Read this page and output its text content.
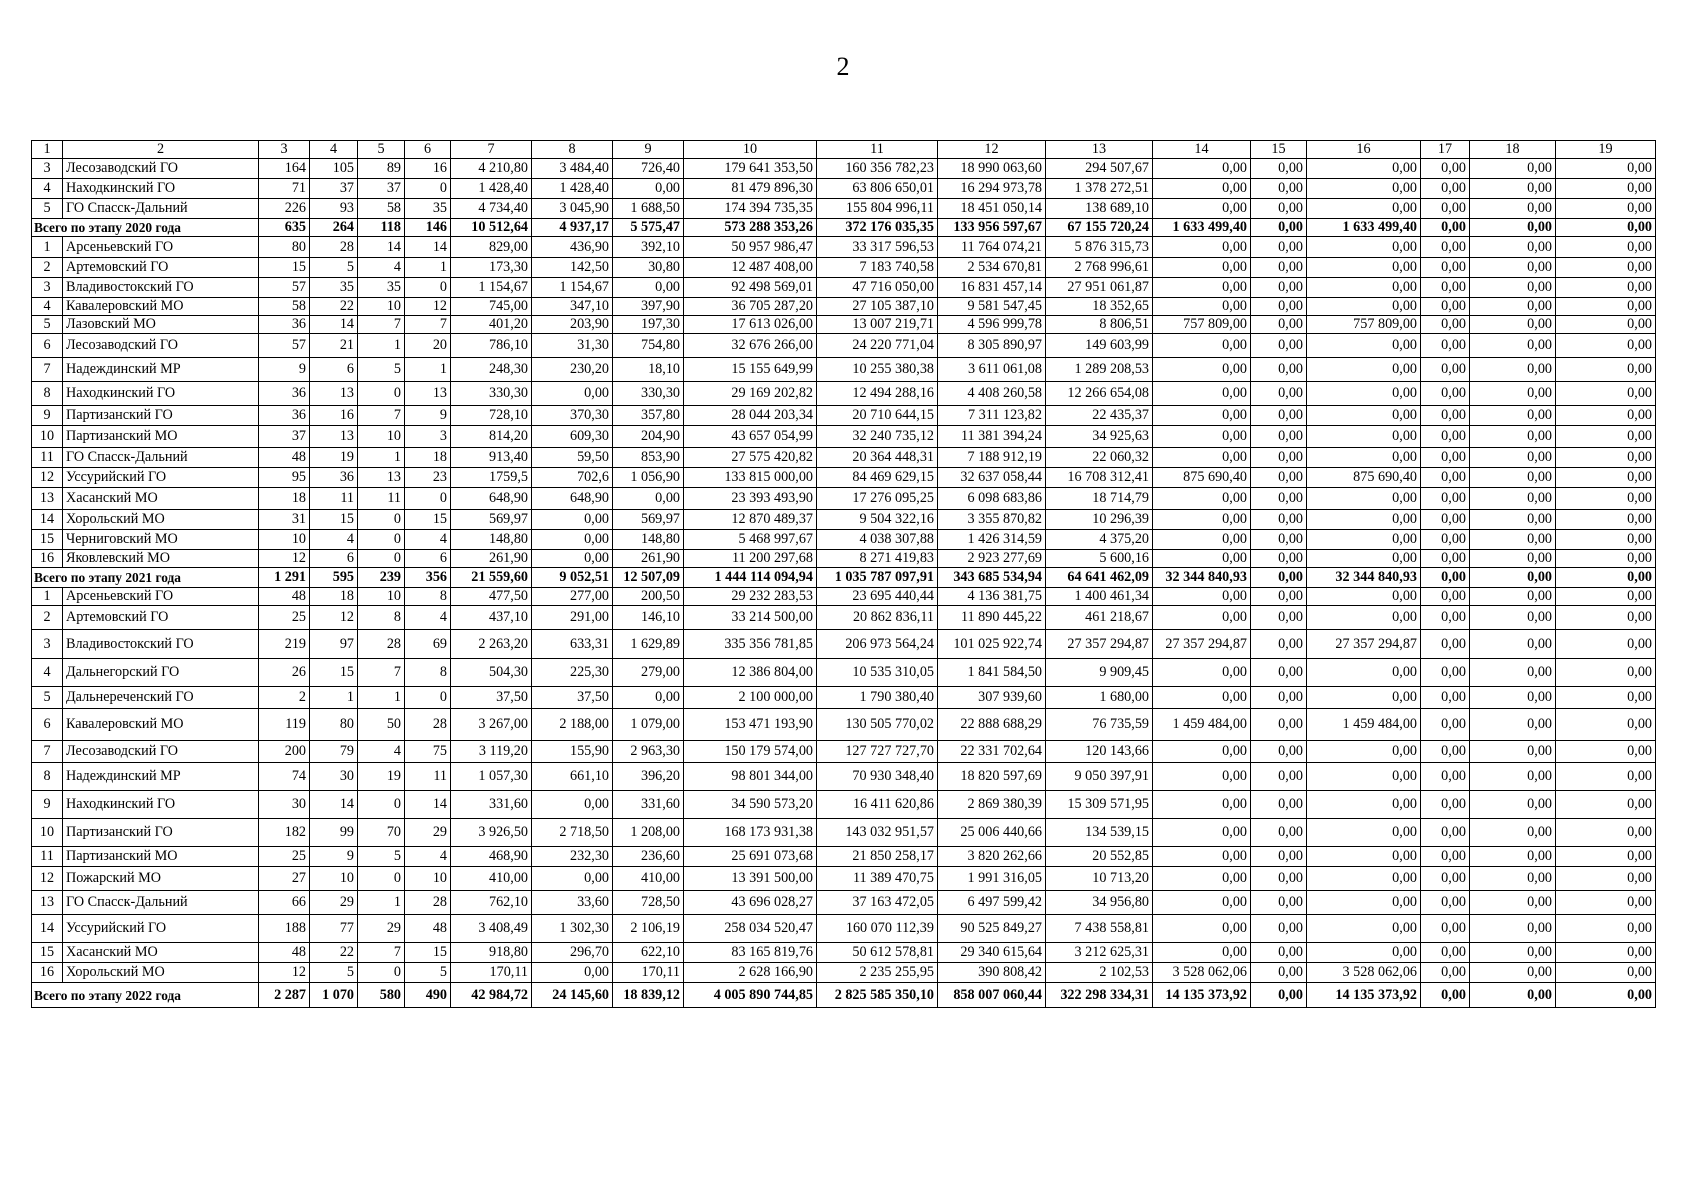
2
1	2	3	4	5	6	7	8	9	10	11	12	13	14	15	16	17	18	19
3	Лесозаводский ГО	164	105	89	16	4 210,80	3 484,40	726,40	179 641 353,50	160 356 782,23	18 990 063,60	294 507,67	0,00	0,00	0,00	0,00	0,00	0,00
4	Находкинский ГО	71	37	37	0	1 428,40	1 428,40	0,00	81 479 896,30	63 806 650,01	16 294 973,78	1 378 272,51	0,00	0,00	0,00	0,00	0,00	0,00
5	ГО Спасск-Дальний	226	93	58	35	4 734,40	3 045,90	1 688,50	174 394 735,35	155 804 996,11	18 451 050,14	138 689,10	0,00	0,00	0,00	0,00	0,00	0,00
Всего по этапу 2020 года		635	264	118	146	10 512,64	4 937,17	5 575,47	573 288 353,26	372 176 035,35	133 956 597,67	67 155 720,24	1 633 499,40	0,00	1 633 499,40	0,00	0,00	0,00
1	Арсеньевский ГО	80	28	14	14	829,00	436,90	392,10	50 957 986,47	33 317 596,53	11 764 074,21	5 876 315,73	0,00	0,00	0,00	0,00	0,00	0,00
2	Артемовский ГО	15	5	4	1	173,30	142,50	30,80	12 487 408,00	7 183 740,58	2 534 670,81	2 768 996,61	0,00	0,00	0,00	0,00	0,00	0,00
3	Владивостокский ГО	57	35	35	0	1 154,67	1 154,67	0,00	92 498 569,01	47 716 050,00	16 831 457,14	27 951 061,87	0,00	0,00	0,00	0,00	0,00	0,00
4	Кавалеровский МО	58	22	10	12	745,00	347,10	397,90	36 705 287,20	27 105 387,10	9 581 547,45	18 352,65	0,00	0,00	0,00	0,00	0,00	0,00
5	Лазовский МО	36	14	7	7	401,20	203,90	197,30	17 613 026,00	13 007 219,71	4 596 999,78	8 806,51	757 809,00	0,00	757 809,00	0,00	0,00	0,00
6	Лесозаводский ГО	57	21	1	20	786,10	31,30	754,80	32 676 266,00	24 220 771,04	8 305 890,97	149 603,99	0,00	0,00	0,00	0,00	0,00	0,00
7	Надеждинский МР	9	6	5	1	248,30	230,20	18,10	15 155 649,99	10 255 380,38	3 611 061,08	1 289 208,53	0,00	0,00	0,00	0,00	0,00	0,00
8	Находкинский ГО	36	13	0	13	330,30	0,00	330,30	29 169 202,82	12 494 288,16	4 408 260,58	12 266 654,08	0,00	0,00	0,00	0,00	0,00	0,00
9	Партизанский ГО	36	16	7	9	728,10	370,30	357,80	28 044 203,34	20 710 644,15	7 311 123,82	22 435,37	0,00	0,00	0,00	0,00	0,00	0,00
10	Партизанский МО	37	13	10	3	814,20	609,30	204,90	43 657 054,99	32 240 735,12	11 381 394,24	34 925,63	0,00	0,00	0,00	0,00	0,00	0,00
11	ГО Спасск-Дальний	48	19	1	18	913,40	59,50	853,90	27 575 420,82	20 364 448,31	7 188 912,19	22 060,32	0,00	0,00	0,00	0,00	0,00	0,00
12	Уссурийский ГО	95	36	13	23	1759,5	702,6	1 056,90	133 815 000,00	84 469 629,15	32 637 058,44	16 708 312,41	875 690,40	0,00	875 690,40	0,00	0,00	0,00
13	Хасанский МО	18	11	11	0	648,90	648,90	0,00	23 393 493,90	17 276 095,25	6 098 683,86	18 714,79	0,00	0,00	0,00	0,00	0,00	0,00
14	Хорольский МО	31	15	0	15	569,97	0,00	569,97	12 870 489,37	9 504 322,16	3 355 870,82	10 296,39	0,00	0,00	0,00	0,00	0,00	0,00
15	Черниговский МО	10	4	0	4	148,80	0,00	148,80	5 468 997,67	4 038 307,88	1 426 314,59	4 375,20	0,00	0,00	0,00	0,00	0,00	0,00
16	Яковлевский МО	12	6	0	6	261,90	0,00	261,90	11 200 297,68	8 271 419,83	2 923 277,69	5 600,16	0,00	0,00	0,00	0,00	0,00	0,00
Всего по этапу 2021 года		1 291	595	239	356	21 559,60	9 052,51	12 507,09	1 444 114 094,94	1 035 787 097,91	343 685 534,94	64 641 462,09	32 344 840,93	0,00	32 344 840,93	0,00	0,00	0,00
1	Арсеньевский ГО	48	18	10	8	477,50	277,00	200,50	29 232 283,53	23 695 440,44	4 136 381,75	1 400 461,34	0,00	0,00	0,00	0,00	0,00	0,00
2	Артемовский ГО	25	12	8	4	437,10	291,00	146,10	33 214 500,00	20 862 836,11	11 890 445,22	461 218,67	0,00	0,00	0,00	0,00	0,00	0,00
3	Владивостокский ГО	219	97	28	69	2 263,20	633,31	1 629,89	335 356 781,85	206 973 564,24	101 025 922,74	27 357 294,87	27 357 294,87	0,00	27 357 294,87	0,00	0,00	0,00
4	Дальнегорский ГО	26	15	7	8	504,30	225,30	279,00	12 386 804,00	10 535 310,05	1 841 584,50	9 909,45	0,00	0,00	0,00	0,00	0,00	0,00
5	Дальнереченский ГО	2	1	1	0	37,50	37,50	0,00	2 100 000,00	1 790 380,40	307 939,60	1 680,00	0,00	0,00	0,00	0,00	0,00	0,00
6	Кавалеровский МО	119	80	50	28	3 267,00	2 188,00	1 079,00	153 471 193,90	130 505 770,02	22 888 688,29	76 735,59	1 459 484,00	0,00	1 459 484,00	0,00	0,00	0,00
7	Лесозаводский ГО	200	79	4	75	3 119,20	155,90	2 963,30	150 179 574,00	127 727 727,70	22 331 702,64	120 143,66	0,00	0,00	0,00	0,00	0,00	0,00
8	Надеждинский МР	74	30	19	11	1 057,30	661,10	396,20	98 801 344,00	70 930 348,40	18 820 597,69	9 050 397,91	0,00	0,00	0,00	0,00	0,00	0,00
9	Находкинский ГО	30	14	0	14	331,60	0,00	331,60	34 590 573,20	16 411 620,86	2 869 380,39	15 309 571,95	0,00	0,00	0,00	0,00	0,00	0,00
10	Партизанский ГО	182	99	70	29	3 926,50	2 718,50	1 208,00	168 173 931,38	143 032 951,57	25 006 440,66	134 539,15	0,00	0,00	0,00	0,00	0,00	0,00
11	Партизанский МО	25	9	5	4	468,90	232,30	236,60	25 691 073,68	21 850 258,17	3 820 262,66	20 552,85	0,00	0,00	0,00	0,00	0,00	0,00
12	Пожарский МО	27	10	0	10	410,00	0,00	410,00	13 391 500,00	11 389 470,75	1 991 316,05	10 713,20	0,00	0,00	0,00	0,00	0,00	0,00
13	ГО Спасск-Дальний	66	29	1	28	762,10	33,60	728,50	43 696 028,27	37 163 472,05	6 497 599,42	34 956,80	0,00	0,00	0,00	0,00	0,00	0,00
14	Уссурийский ГО	188	77	29	48	3 408,49	1 302,30	2 106,19	258 034 520,47	160 070 112,39	90 525 849,27	7 438 558,81	0,00	0,00	0,00	0,00	0,00	0,00
15	Хасанский МО	48	22	7	15	918,80	296,70	622,10	83 165 819,76	50 612 578,81	29 340 615,64	3 212 625,31	0,00	0,00	0,00	0,00	0,00	0,00
16	Хорольский МО	12	5	0	5	170,11	0,00	170,11	2 628 166,90	2 235 255,95	390 808,42	2 102,53	3 528 062,06	0,00	3 528 062,06	0,00	0,00	0,00
Всего по этапу 2022 года		2 287	1 070	580	490	42 984,72	24 145,60	18 839,12	4 005 890 744,85	2 825 585 350,10	858 007 060,44	322 298 334,31	14 135 373,92	0,00	14 135 373,92	0,00	0,00	0,00
